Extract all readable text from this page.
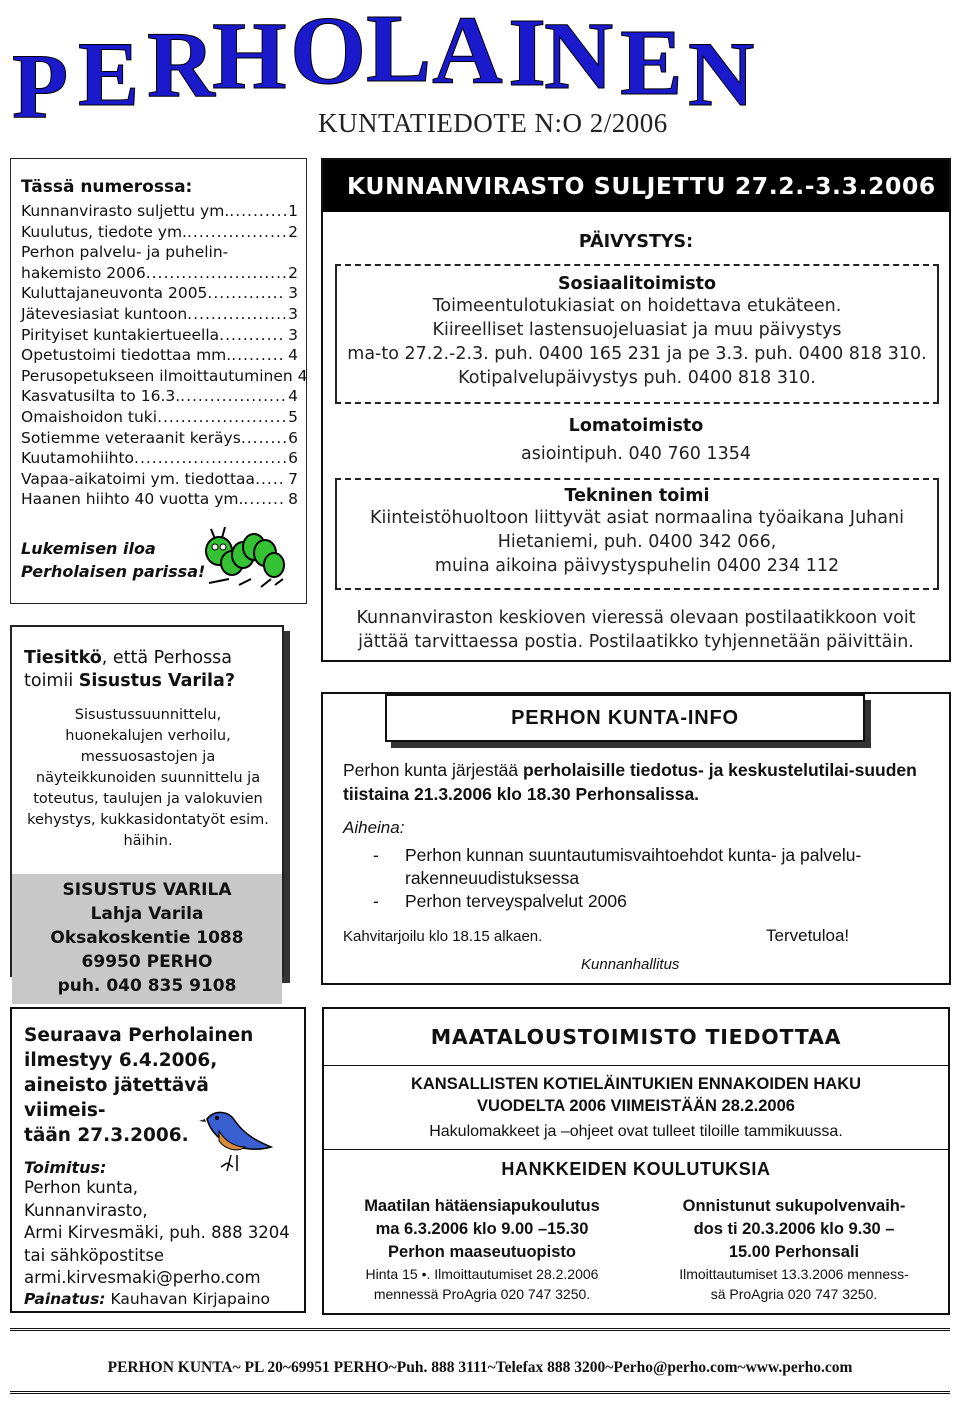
P E R
H O L A I
N E N
KUNTATIEDOTE N:O 2/2006
Tässä numerossa:
Kunnanvirasto suljettu ym. .....	1
Kuulutus, tiedote ym. .....	2
Perhon palvelu- ja puhelin-
hakemisto 2006 .....	2
Kuluttajaneuvonta 2005 .....	3
Jätevesiasiat kuntoon .....	3
Pirityiset kuntakiertueella .....	3
Opetustoimi tiedottaa mm. .....	4
Perusopetukseen ilmoittautuminen 4
Kasvatusilta to 16.3. .....	4
Omaishoidon tuki .....	5
Sotiemme veteraanit keräys .....	6
Kuutamohiihto .....	6
Vapaa-aikatoimi ym. tiedottaa ..... 7
Haanen hiihto 40 vuotta ym. .....	8
Lukemisen iloa
Perholaisen parissa!
Tiesitkö, että Perhossa
toimii Sisustus Varila?
Sisustussuunnittelu, huonekalujen verhoilu, messuosastojen ja näyteikkunoiden suunnittelu ja toteutus, taulujen ja valokuvien kehystys, kukkasidontatyöt esim. häihin.
SISUSTUS VARILA
Lahja Varila
Oksakoskentie 1088
69950 PERHO
puh. 040 835 9108
KUNNANVIRASTO SULJETTU 27.2.-3.3.2006
PÄIVYSTYS:
Sosiaalitoimisto
Toimeentulotukiasiat on hoidettava etukäteen.
Kiireelliset lastensuojeluasiat ja muu päivystys
ma-to 27.2.-2.3. puh. 0400 165 231 ja pe 3.3. puh. 0400 818 310.
Kotipalvelupäivystys puh. 0400 818 310.
Lomatoimisto
asiointipuh. 040 760 1354
Tekninen toimi
Kiinteistöhuoltoon liittyvät asiat normaalina työaikana Juhani
Hietaniemi, puh. 0400 342 066,
muina aikoina päivystyspuhelin 0400 234 112
Kunnanviraston keskioven vieressä olevaan postilaatikkoon voit
jättää tarvittaessa postia. Postilaatikko tyhjennetään päivittäin.
PERHON KUNTA-INFO
Perhon kunta järjestää perholaisille tiedotus- ja keskustelutilai-suuden tiistaina 21.3.2006 klo 18.30 Perhonsalissa.
Aiheina:
-	Perhon kunnan suuntautumisvaihtoehdot kunta- ja palvelu-
rakenneuudistuksessa
-	Perhon terveyspalvelut 2006
Kahvitarjoilu klo 18.15 alkaen.	Tervetuloa!
Kunnanhallitus
Seuraava Perholainen
ilmestyy 6.4.2006,
aineisto jätettävä viimeis-
tään 27.3.2006.
Toimitus:
Perhon kunta,
Kunnanvirasto,
Armi Kirvesmäki, puh. 888 3204
tai sähköpostitse
armi.kirvesmaki@perho.com
Painatus: Kauhavan Kirjapaino
MAATALOUSTOIMISTO TIEDOTTAA
KANSALLISTEN KOTIELÄINTUKIEN ENNAKOIDEN HAKU
VUODELTA 2006 VIIMEISTÄÄN 28.2.2006
Hakulomakkeet ja –ohjeet ovat tulleet tiloille tammikuussa.
HANKKEIDEN KOULUTUKSIA
Maatilan hätäensiapukoulutus
ma 6.3.2006 klo 9.00 –15.30
Perhon maaseutuopisto
Hinta 15 •. Ilmoittautumiset 28.2.2006
mennessä ProAgria 020 747 3250.
Onnistunut sukupolvenvaih-
dos ti 20.3.2006 klo 9.30 –
15.00 Perhonsali
Ilmoittautumiset 13.3.2006 menness-
sä ProAgria 020 747 3250.
PERHON KUNTA~ PL 20~69951 PERHO~Puh. 888 3111~Telefax 888 3200~Perho@perho.com~www.perho.com
